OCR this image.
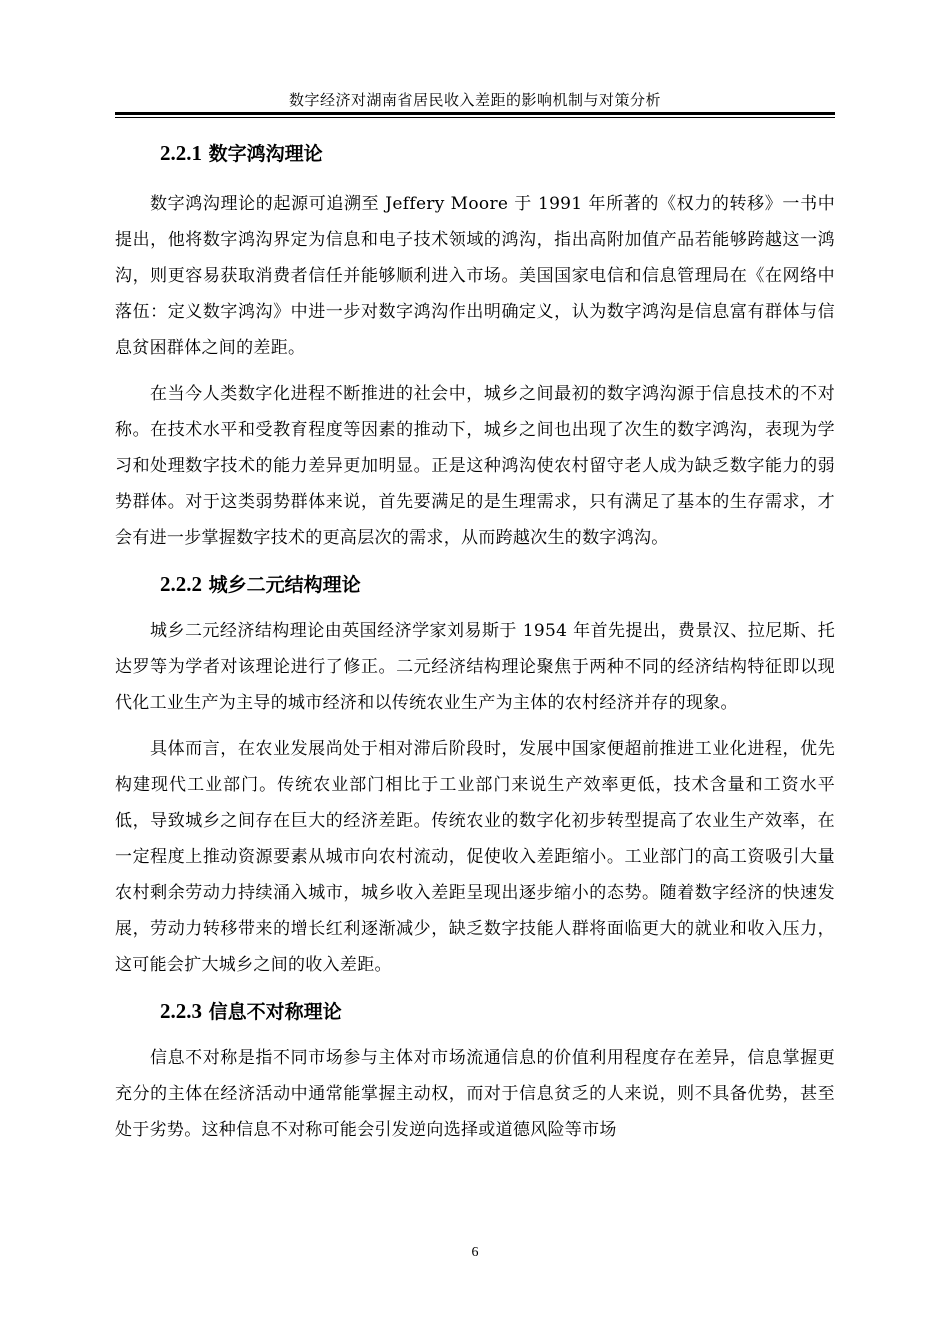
数字经济对湖南省居民收入差距的影响机制与对策分析
2.2.1 数字鸿沟理论

数字鸿沟理论的起源可追溯至 Jeffery Moore 于 1991 年所著的《权力的转移》一书中提出，他将数字鸿沟界定为信息和电子技术领域的鸿沟，指出高附加值产品若能够跨越这一鸿沟，则更容易获取消费者信任并能够顺利进入市场。美国国家电信和信息管理局在《在网络中落伍：定义数字鸿沟》中进一步对数字鸿沟作出明确定义，认为数字鸿沟是信息富有群体与信息贫困群体之间的差距。

在当今人类数字化进程不断推进的社会中，城乡之间最初的数字鸿沟源于信息技术的不对称。在技术水平和受教育程度等因素的推动下，城乡之间也出现了次生的数字鸿沟，表现为学习和处理数字技术的能力差异更加明显。正是这种鸿沟使农村留守老人成为缺乏数字能力的弱势群体。对于这类弱势群体来说，首先要满足的是生理需求，只有满足了基本的生存需求，才会有进一步掌握数字技术的更高层次的需求，从而跨越次生的数字鸿沟。

2.2.2 城乡二元结构理论

城乡二元经济结构理论由英国经济学家刘易斯于 1954 年首先提出，费景汉、拉尼斯、托达罗等为学者对该理论进行了修正。二元经济结构理论聚焦于两种不同的经济结构特征即以现代化工业生产为主导的城市经济和以传统农业生产为主体的农村经济并存的现象。

具体而言，在农业发展尚处于相对滞后阶段时，发展中国家便超前推进工业化进程，优先构建现代工业部门。传统农业部门相比于工业部门来说生产效率更低，技术含量和工资水平低，导致城乡之间存在巨大的经济差距。传统农业的数字化初步转型提高了农业生产效率，在一定程度上推动资源要素从城市向农村流动，促使收入差距缩小。工业部门的高工资吸引大量农村剩余劳动力持续涌入城市，城乡收入差距呈现出逐步缩小的态势。随着数字经济的快速发展，劳动力转移带来的增长红利逐渐减少，缺乏数字技能人群将面临更大的就业和收入压力，这可能会扩大城乡之间的收入差距。

2.2.3 信息不对称理论

信息不对称是指不同市场参与主体对市场流通信息的价值利用程度存在差异，信息掌握更充分的主体在经济活动中通常能掌握主动权，而对于信息贫乏的人来说，则不具备优势，甚至处于劣势。这种信息不对称可能会引发逆向选择或道德风险等市场

6
